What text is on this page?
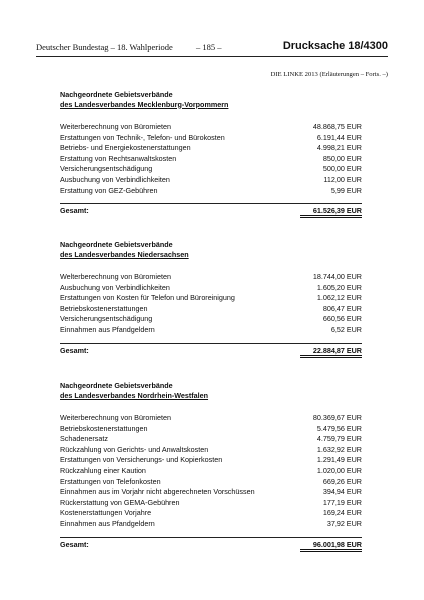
Deutscher Bundestag – 18. Wahlperiode	– 185 –	Drucksache 18/4300
DIE LINKE 2013 (Erläuterungen – Forts. –)
Nachgeordnete Gebietsverbände
des Landesverbandes Mecklenburg-Vorpommern
Weiterberechnung von Büromieten	48.868,75 EUR
Erstattungen von Technik-, Telefon- und Bürokosten	6.191,44 EUR
Betriebs- und Energiekostenerstattungen	4.998,21 EUR
Erstattung von Rechtsanwaltskosten	850,00 EUR
Versicherungsentschädigung	500,00 EUR
Ausbuchung von Verbindlichkeiten	112,00 EUR
Erstattung von GEZ-Gebühren	5,99 EUR
Gesamt:	61.526,39 EUR
Nachgeordnete Gebietsverbände
des Landesverbandes Niedersachsen
Welterberechnung von Büromieten	18.744,00 EUR
Ausbuchung von Verbindlichkeiten	1.605,20 EUR
Erstattungen von Kosten für Telefon und Büroreinigung	1.062,12 EUR
Betriebskostenerstattungen	806,47 EUR
Versicherungsentschädigung	660,56 EUR
Einnahmen aus Pfandgeldern	6,52 EUR
Gesamt:	22.884,87 EUR
Nachgeordnete Gebietsverbände
des Landesverbandes Nordrhein-Westfalen
Weiterberechnung von Büromieten	80.369,67 EUR
Betriebskostenerstattungen	5.479,56 EUR
Schadenersatz	4.759,79 EUR
Rückzahlung von Gerichts- und Anwaltskosten	1.632,92 EUR
Erstattungen von Versicherungs- und Kopierkosten	1.291,49 EUR
Rückzahlung einer Kaution	1.020,00 EUR
Erstattungen von Telefonkosten	669,26 EUR
Einnahmen aus im Vorjahr nicht abgerechneten Vorschüssen	394,94 EUR
Rückerstattung von GEMA-Gebühren	177,19 EUR
Kostenerstattungen Vorjahre	169,24 EUR
Einnahmen aus Pfandgeldern	37,92 EUR
Gesamt:	96.001,98 EUR
